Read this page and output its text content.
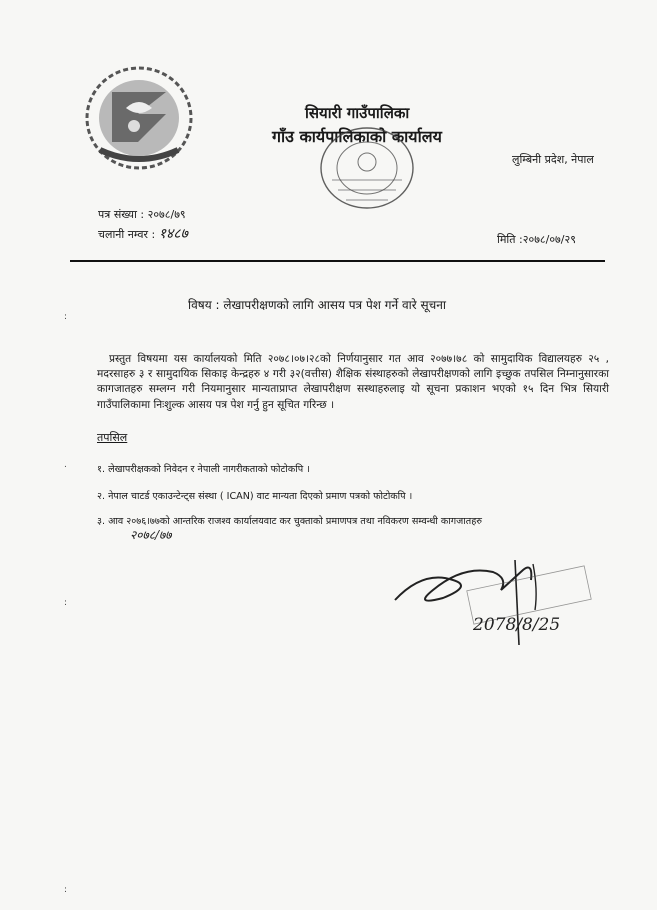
सियारी गाउँपालिका
गाँउ कार्यपालिकाको कार्यालय
लुम्बिनी प्रदेश, नेपाल
पत्र संख्या : २०७८/७९
चलानी नम्वर : १४८७	मिति :२०७८/०७/२९
विषय : लेखापरीक्षणको लागि आसय पत्र पेश गर्ने वारे सूचना
प्रस्तुत विषयमा यस कार्यालयको मिति २०७८।०७।२८को निर्णयानुसार गत आव २०७७।७८ को सामुदायिक विद्यालयहरु २५ , मदरसाहरु ३ र सामुदायिक सिकाइ केन्द्रहरु ४ गरी ३२(वत्तीस) शैक्षिक संस्थाहरुको लेखापरीक्षणको लागि इच्छुक तपसिल निम्नानुसारका कागजातहरु सम्लग्न गरी नियमानुसार मान्यताप्राप्त लेखापरीक्षण सस्थाहरुलाइ यो सूचना प्रकाशन भएको १५ दिन भित्र सियारी गाउँपालिकामा निःशुल्क आसय पत्र पेश गर्नु हुन सूचित गरिन्छ ।
तपसिल
१. लेखापरीक्षकको निवेदन र नेपाली नागरीकताको फोटोकपि ।
२. नेपाल चाटर्ड एकाउन्टेन्ट्स संस्था ( ICAN) वाट मान्यता दिएको प्रमाण पत्रको फोटोकपि ।
३. आव २०७६।७७को आन्तरिक राजश्व कार्यालयवाट कर चुक्ताको प्रमाणपत्र तथा नविकरण सम्वन्धी कागजातहरु
२०७८/७७
2078/8/25
:
:
:
.
